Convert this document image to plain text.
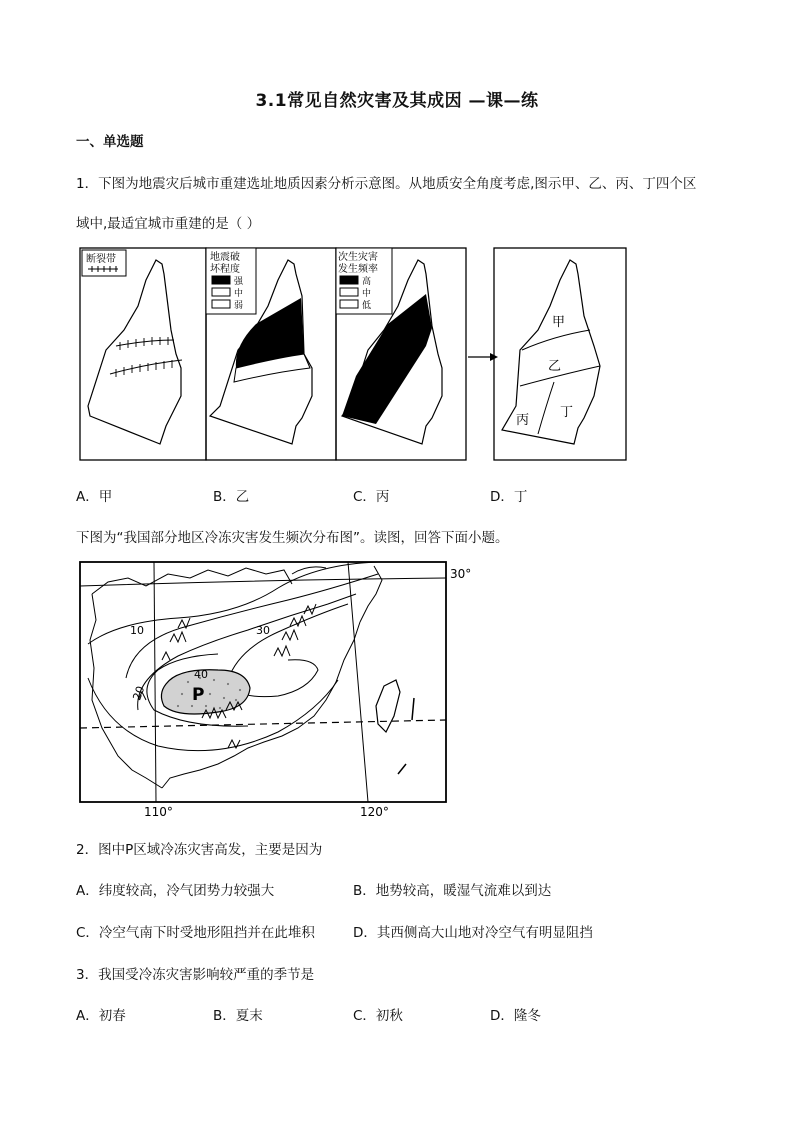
3.1常见自然灾害及其成因 —课—练
一、单选题
1．下图为地震灾后城市重建选址地质因素分析示意图。从地质安全角度考虑,图示甲、乙、丙、丁四个区
域中,最适宜城市重建的是（ ）
断裂带	地震破
坏程度
强
中
弱
次生灾害
发生频率
高
中
低
甲
乙
丙
丁
A．甲	B．乙	C．丙	D．丁
下图为“我国部分地区冷冻灾害发生频次分布图”。读图，回答下面小题。
10
20
30
40
P
30°
110°	120°
2．图中P区域冷冻灾害高发，主要是因为
A．纬度较高，冷气团势力较强大	B．地势较高，暖湿气流难以到达
C．冷空气南下时受地形阻挡并在此堆积	D．其西侧高大山地对冷空气有明显阻挡
3．我国受冷冻灾害影响较严重的季节是
A．初春	B．夏末	C．初秋	D．隆冬
